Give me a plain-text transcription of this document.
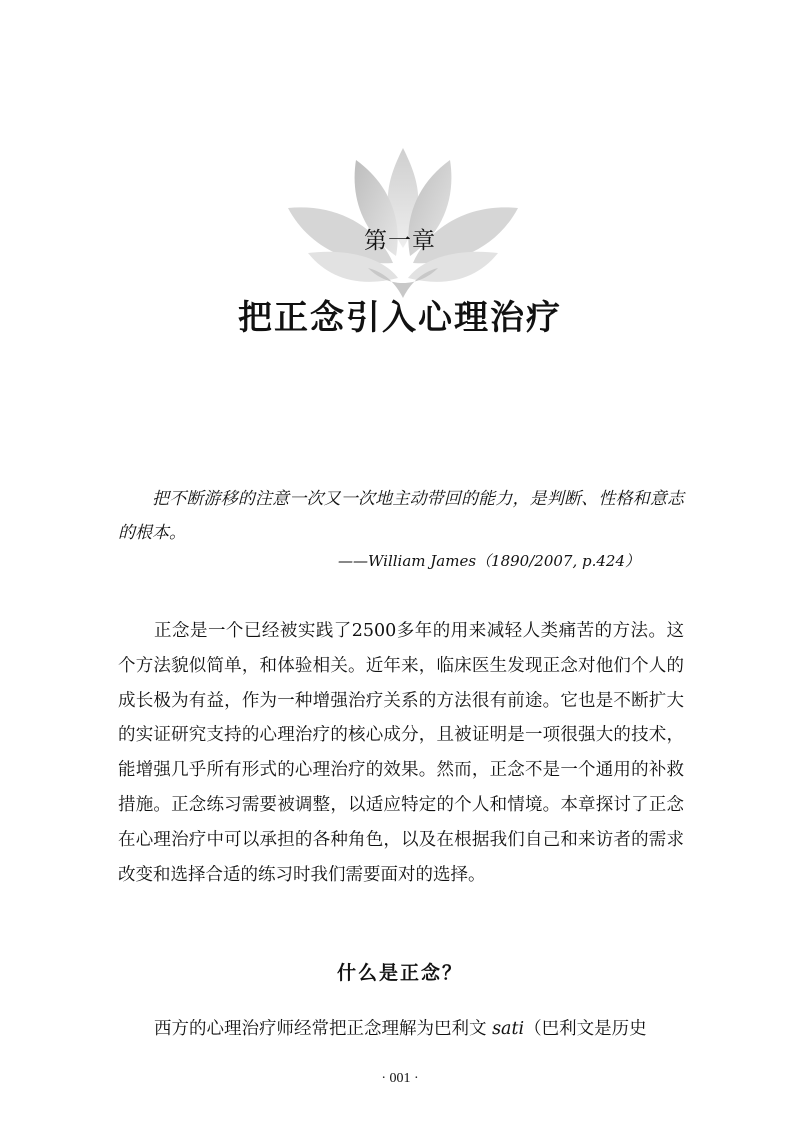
第一章
把正念引入心理治疗

把不断游移的注意一次又一次地主动带回的能力，是判断、性格和意志的根本。

——William James（1890/2007, p.424）

正念是一个已经被实践了2500多年的用来减轻人类痛苦的方法。这个方法貌似简单，和体验相关。近年来，临床医生发现正念对他们个人的成长极为有益，作为一种增强治疗关系的方法很有前途。它也是不断扩大的实证研究支持的心理治疗的核心成分，且被证明是一项很强大的技术，能增强几乎所有形式的心理治疗的效果。然而，正念不是一个通用的补救措施。正念练习需要被调整，以适应特定的个人和情境。本章探讨了正念在心理治疗中可以承担的各种角色，以及在根据我们自己和来访者的需求改变和选择合适的练习时我们需要面对的选择。

什么是正念？
西方的心理治疗师经常把正念理解为巴利文 sati（巴利文是历史
· 001 ·
